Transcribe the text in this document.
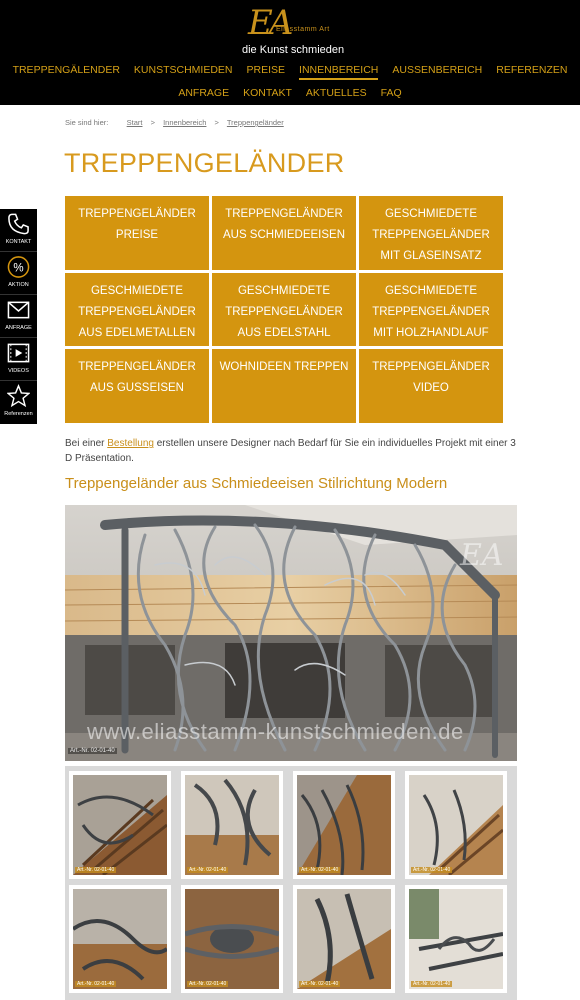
EA
Eliasstamm Art
die Kunst schmieden
TREPPENGÄLENDER KUNSTSCHMIEDEN PREISE INNENBEREICH AUSSENBEREICH REFERENZEN
ANFRAGE KONTAKT AKTUELLES FAQ
KONTAKT
%
AKTION
ANFRAGE
VIDEOS
Referenzen
Sie sind hier: Start > Innenbereich > Treppengeländer
TREPPENGELÄNDER
TREPPENGELÄNDER PREISE
TREPPENGELÄNDER AUS SCHMIEDEEISEN
GESCHMIEDETE TREPPENGELÄNDER MIT GLASEINSATZ
GESCHMIEDETE TREPPENGELÄNDER AUS EDELMETALLEN
GESCHMIEDETE TREPPENGELÄNDER AUS EDELSTAHL
GESCHMIEDETE TREPPENGELÄNDER MIT HOLZHANDLAUF
TREPPENGELÄNDER AUS GUSSEISEN
WOHNIDEEN TREPPEN	TREPPENGELÄNDER VIDEO
Bei einer Bestellung erstellen unsere Designer nach Bedarf für Sie ein individuelles Projekt mit einer 3 D Präsentation.
Treppengeländer aus Schmiedeeisen Stilrichtung Modern
EA
www.eliasstamm-kunstschmieden.de
Art.-Nr. 02-01-40
Art.-Nr. 02-01-40	Art.-Nr. 02-01-40	Art.-Nr. 02-01-40	Art.-Nr. 02-01-40
Art.-Nr. 02-01-40	Art.-Nr. 02-01-40	Art.-Nr. 02-01-40	Art.-Nr. 02-01-40
